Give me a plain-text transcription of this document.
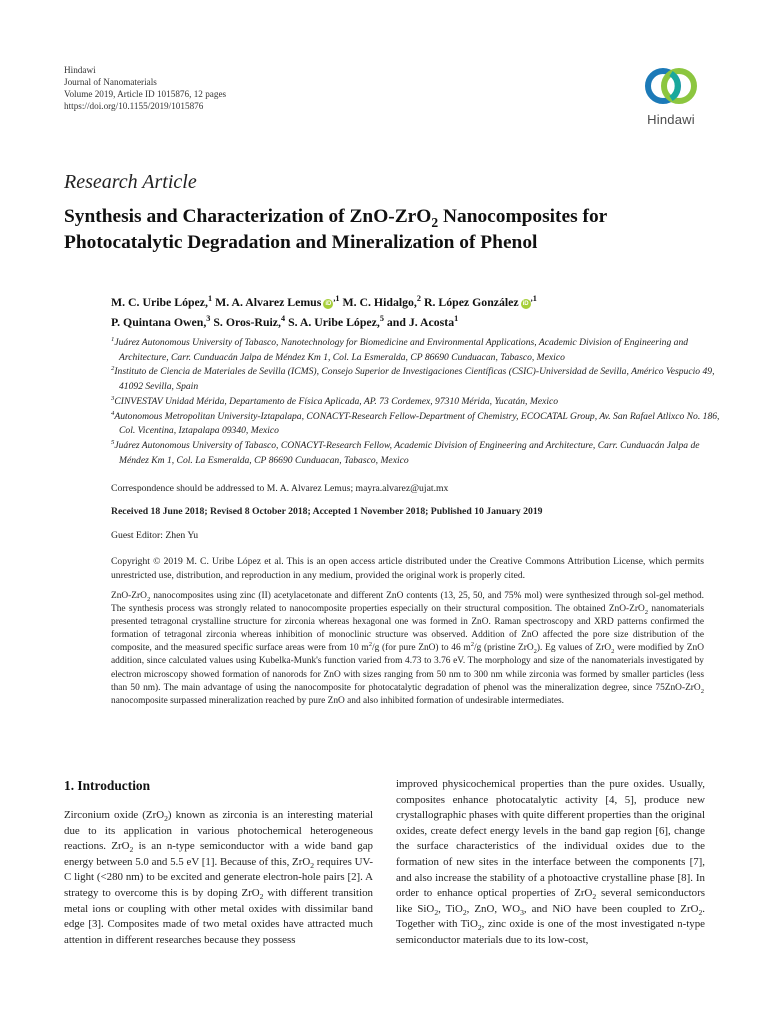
Hindawi
Journal of Nanomaterials
Volume 2019, Article ID 1015876, 12 pages
https://doi.org/10.1155/2019/1015876
Hindawi
Research Article
Synthesis and Characterization of ZnO-ZrO$_2$ Nanocomposites for Photocatalytic Degradation and Mineralization of Phenol
M. C. Uribe López,$^1$ M. A. Alvarez Lemus $iD^{,1}$ M. C. Hidalgo,$^2$ R. López González $iD^{,1}$
P. Quintana Owen,$^3$ S. Oros-Ruiz,$^4$ S. A. Uribe López,$^5$ and J. Acosta$^1$
$^1$Juárez Autonomous University of Tabasco, Nanotechnology for Biomedicine and Environmental Applications, Academic Division of Engineering and Architecture, Carr. Cunduacán Jalpa de Méndez Km 1, Col. La Esmeralda, CP 86690 Cunduacan, Tabasco, Mexico
$^2$Instituto de Ciencia de Materiales de Sevilla (ICMS), Consejo Superior de Investigaciones Científicas (CSIC)-Universidad de Sevilla, Américo Vespucio 49, 41092 Sevilla, Spain
$^3$CINVESTAV Unidad Mérida, Departamento de Física Aplicada, AP. 73 Cordemex, 97310 Mérida, Yucatán, Mexico
$^4$Autonomous Metropolitan University-Iztapalapa, CONACYT-Research Fellow-Department of Chemistry, ECOCATAL Group, Av. San Rafael Atlixco No. 186, Col. Vicentina, Iztapalapa 09340, Mexico
$^5$Juárez Autonomous University of Tabasco, CONACYT-Research Fellow, Academic Division of Engineering and Architecture, Carr. Cunduacán Jalpa de Méndez Km 1, Col. La Esmeralda, CP 86690 Cunduacan, Tabasco, Mexico
Correspondence should be addressed to M. A. Alvarez Lemus; mayra.alvarez@ujat.mx
Received 18 June 2018; Revised 8 October 2018; Accepted 1 November 2018; Published 10 January 2019
Guest Editor: Zhen Yu
Copyright © 2019 M. C. Uribe López et al. This is an open access article distributed under the Creative Commons Attribution License, which permits unrestricted use, distribution, and reproduction in any medium, provided the original work is properly cited.
ZnO-ZrO$_2$ nanocomposites using zinc (II) acetylacetonate and different ZnO contents (13, 25, 50, and 75% mol) were synthesized through sol-gel method. The synthesis process was strongly related to nanocomposite properties especially on their structural composition. The obtained ZnO-ZrO$_2$ nanomaterials presented tetragonal crystalline structure for zirconia whereas hexagonal one was formed in ZnO. Raman spectroscopy and XRD patterns confirmed the formation of tetragonal zirconia whereas inhibition of monoclinic structure was observed. Addition of ZnO affected the pore size distribution of the composite, and the measured specific surface areas were from 10 $m^2/g$ (for pure ZnO) to 46 $m^2/g$ (pristine ZrO$_2$). Eg values of ZrO$_2$ were modified by ZnO addition, since calculated values using Kubelka-Munk's function varied from 4.73 to 3.76 eV. The morphology and size of the nanomaterials investigated by electron microscopy showed formation of nanorods for ZnO with sizes ranging from 50 nm to 300 nm while zirconia was formed by smaller particles (less than 50 nm). The main advantage of using the nanocomposite for photocatalytic degradation of phenol was the mineralization degree, since 75ZnO-ZrO$_2$ nanocomposite surpassed mineralization reached by pure ZnO and also inhibited formation of undesirable intermediates.
1. Introduction
Zirconium oxide (ZrO$_2$) known as zirconia is an interesting material due to its application in various photochemical heterogeneous reactions. ZrO$_2$ is an n-type semiconductor with a wide band gap energy between 5.0 and 5.5 eV [1]. Because of this, ZrO$_2$ requires UV-C light (<280 nm) to be excited and generate electron-hole pairs [2]. A strategy to overcome this is by doping ZrO$_2$ with different transition metal ions or coupling with other metal oxides with dissimilar band edge [3]. Composites made of two metal oxides have attracted much attention in different researches because they possess
improved physicochemical properties than the pure oxides. Usually, composites enhance photocatalytic activity [4, 5], produce new crystallographic phases with quite different properties than the original oxides, create defect energy levels in the band gap region [6], change the surface characteristics of the individual oxides due to the formation of new sites in the interface between the components [7], and also increase the stability of a photoactive crystalline phase [8]. In order to enhance optical properties of ZrO$_2$ several semiconductors like SiO$_2$, TiO$_2$, ZnO, $WO_3$, and NiO have been coupled to ZrO$_2$. Together with TiO$_2$, zinc oxide is one of the most investigated n-type semiconductor materials due to its low-cost,
